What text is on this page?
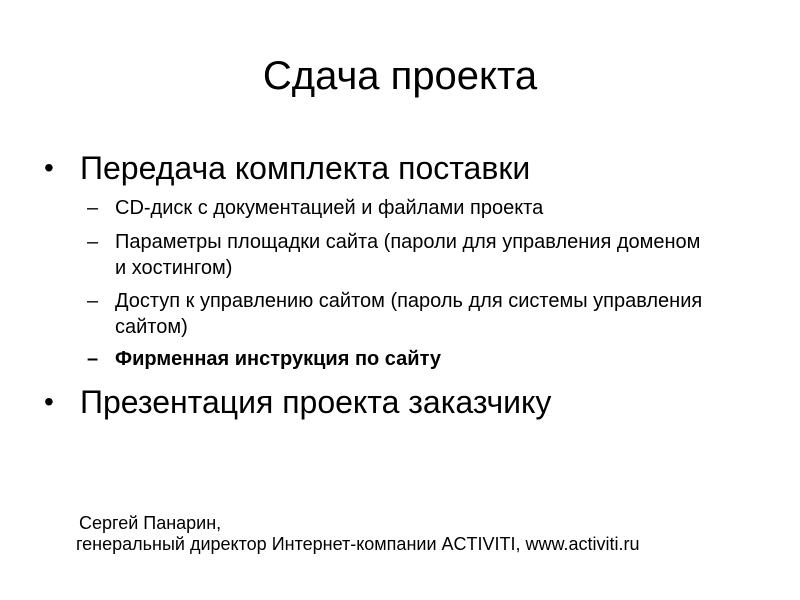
Сдача проекта
• Передача комплекта поставки
– CD-диск с документацией и файлами проекта
– Параметры площадки сайта (пароли для управления доменом и хостингом)
– Доступ к управлению сайтом (пароль для системы управления сайтом)
– Фирменная инструкция по сайту
• Презентация проекта заказчику
Сергей Панарин,
генеральный директор Интернет-компании ACTIVITI, www.activiti.ru
